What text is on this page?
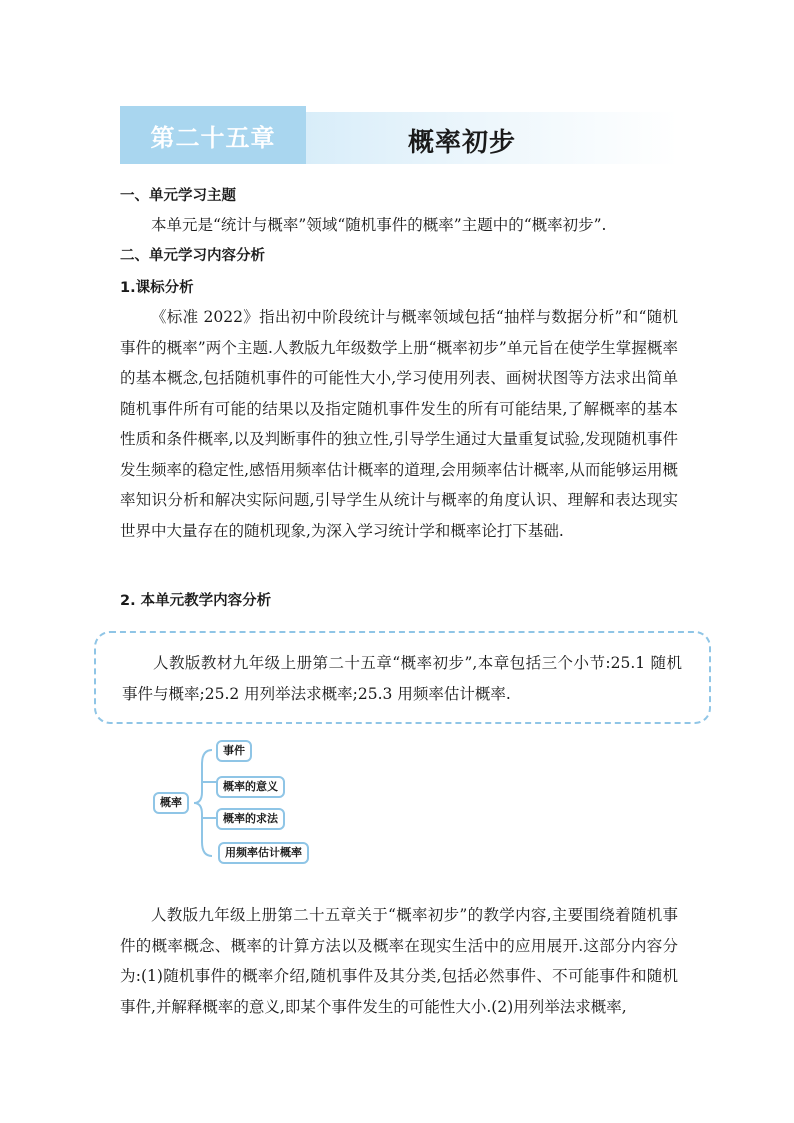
第二十五章	概率初步
一、单元学习主题
本单元是“统计与概率”领域“随机事件的概率”主题中的“概率初步”.
二、单元学习内容分析
1.课标分析
《标准 2022》指出初中阶段统计与概率领域包括“抽样与数据分析”和“随机事件的概率”两个主题.人教版九年级数学上册“概率初步”单元旨在使学生掌握概率的基本概念,包括随机事件的可能性大小,学习使用列表、画树状图等方法求出简单随机事件所有可能的结果以及指定随机事件发生的所有可能结果,了解概率的基本性质和条件概率,以及判断事件的独立性,引导学生通过大量重复试验,发现随机事件发生频率的稳定性,感悟用频率估计概率的道理,会用频率估计概率,从而能够运用概率知识分析和解决实际问题,引导学生从统计与概率的角度认识、理解和表达现实世界中大量存在的随机现象,为深入学习统计学和概率论打下基础.
2. 本单元教学内容分析
人教版教材九年级上册第二十五章“概率初步”,本章包括三个小节:25.1 随机事件与概率;25.2 用列举法求概率;25.3 用频率估计概率.
概率
事件
概率的意义
概率的求法
用频率估计概率
人教版九年级上册第二十五章关于“概率初步”的教学内容,主要围绕着随机事件的概率概念、概率的计算方法以及概率在现实生活中的应用展开.这部分内容分为:(1)随机事件的概率介绍,随机事件及其分类,包括必然事件、不可能事件和随机事件,并解释概率的意义,即某个事件发生的可能性大小.(2)用列举法求概率,
